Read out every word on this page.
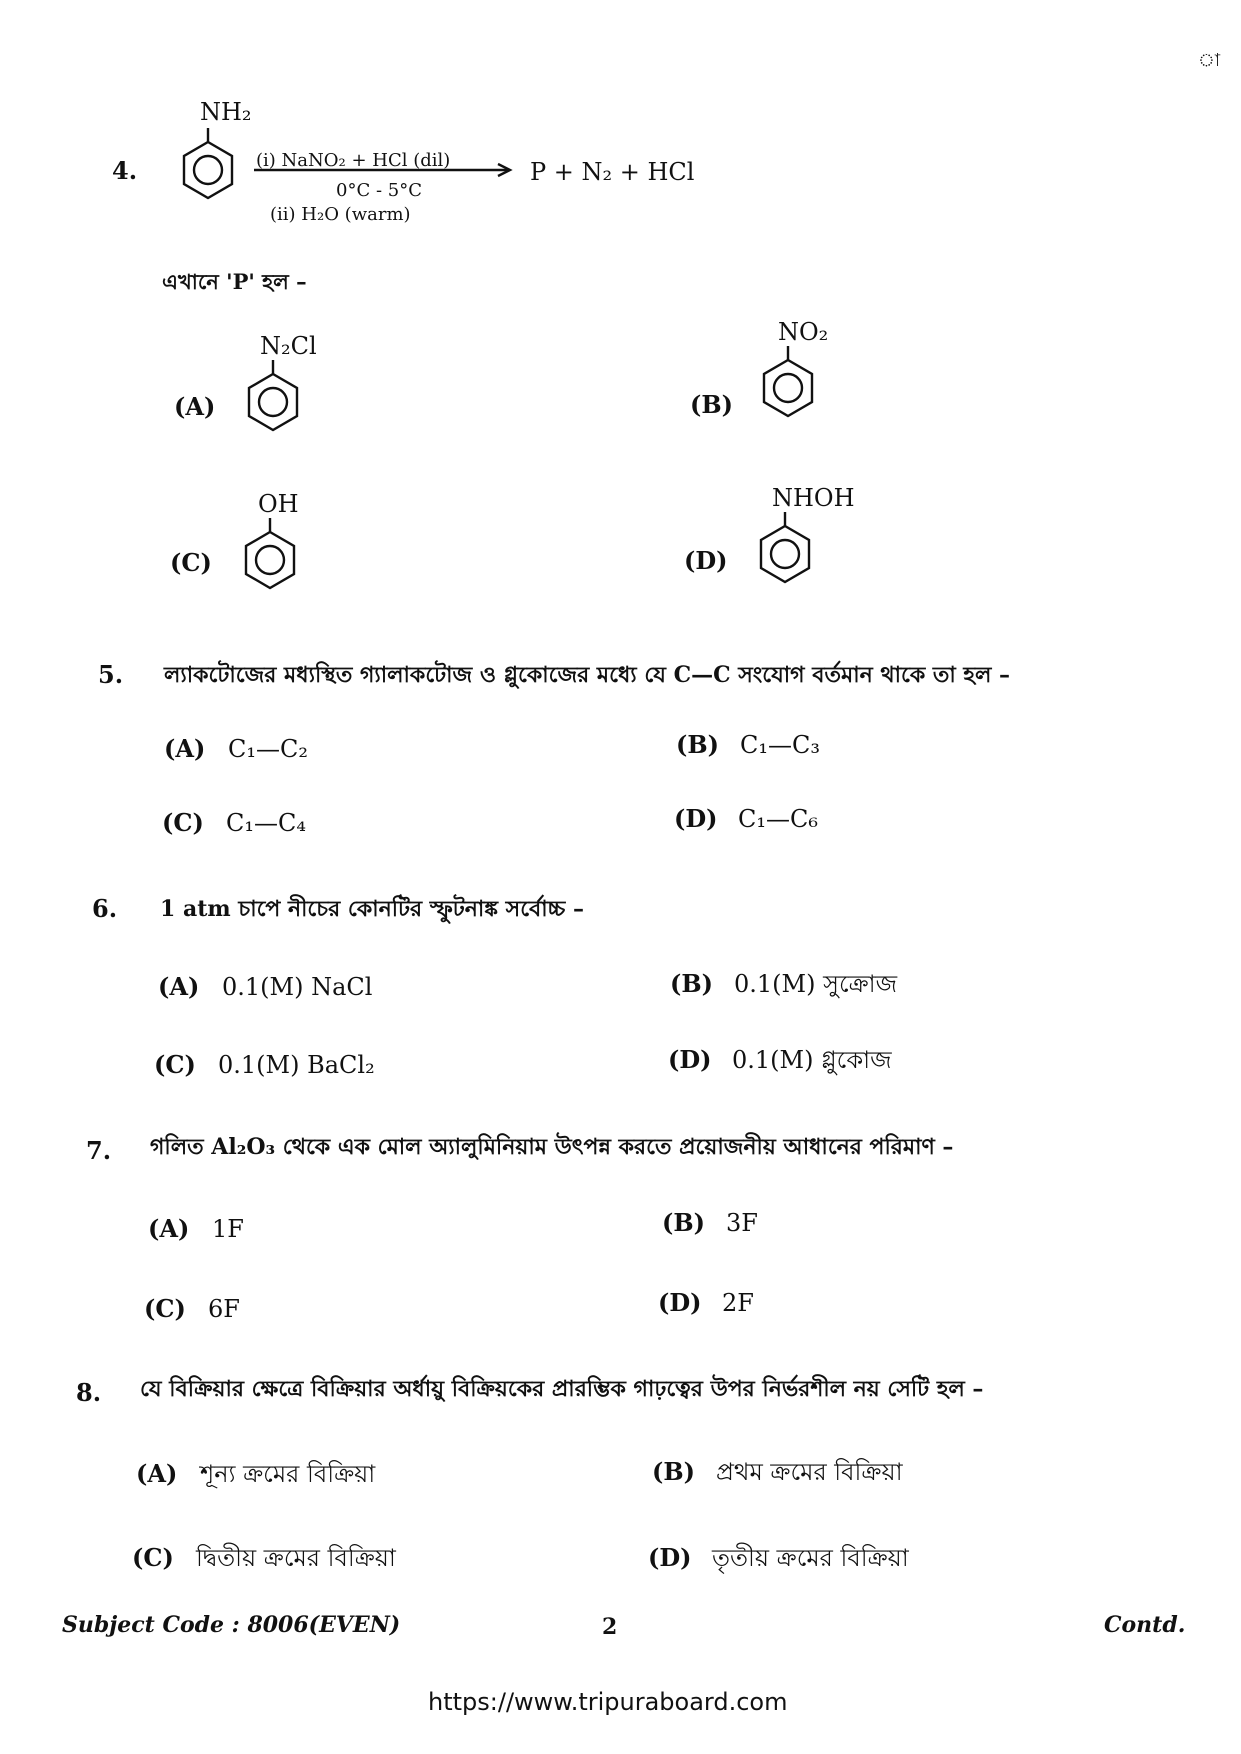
া
4.
NH₂
(i) NaNO₂ + HCl (dil)
0°C - 5°C
(ii) H₂O (warm)
P + N₂ + HCl
এখানে 'P' হল –
(A)
N₂Cl
(B)
NO₂
(C)
OH
(D)
NHOH
5. ল্যাকটোজের মধ্যস্থিত গ্যালাকটোজ ও গ্লুকোজের মধ্যে যে C—C সংযোগ বর্তমান থাকে তা হল –
(A) C₁—C₂	(B) C₁—C₃
(C) C₁—C₄	(D) C₁—C₆
6. 1 atm চাপে নীচের কোনটির স্ফুটনাঙ্ক সর্বোচ্চ –
(A) 0.1(M) NaCl	(B) 0.1(M) সুক্রোজ
(C) 0.1(M) BaCl₂	(D) 0.1(M) গ্লুকোজ
7. গলিত Al₂O₃ থেকে এক মোল অ্যালুমিনিয়াম উৎপন্ন করতে প্রয়োজনীয় আধানের পরিমাণ –
(A) 1F	(B) 3F
(C) 6F	(D) 2F
8. যে বিক্রিয়ার ক্ষেত্রে বিক্রিয়ার অর্ধায়ু বিক্রিয়কের প্রারম্ভিক গাঢ়ত্বের উপর নির্ভরশীল নয় সেটি হল –
(A) শূন্য ক্রমের বিক্রিয়া	(B) প্রথম ক্রমের বিক্রিয়া
(C) দ্বিতীয় ক্রমের বিক্রিয়া	(D) তৃতীয় ক্রমের বিক্রিয়া
Subject Code : 8006(EVEN)	2	Contd.
https://www.tripuraboard.com
